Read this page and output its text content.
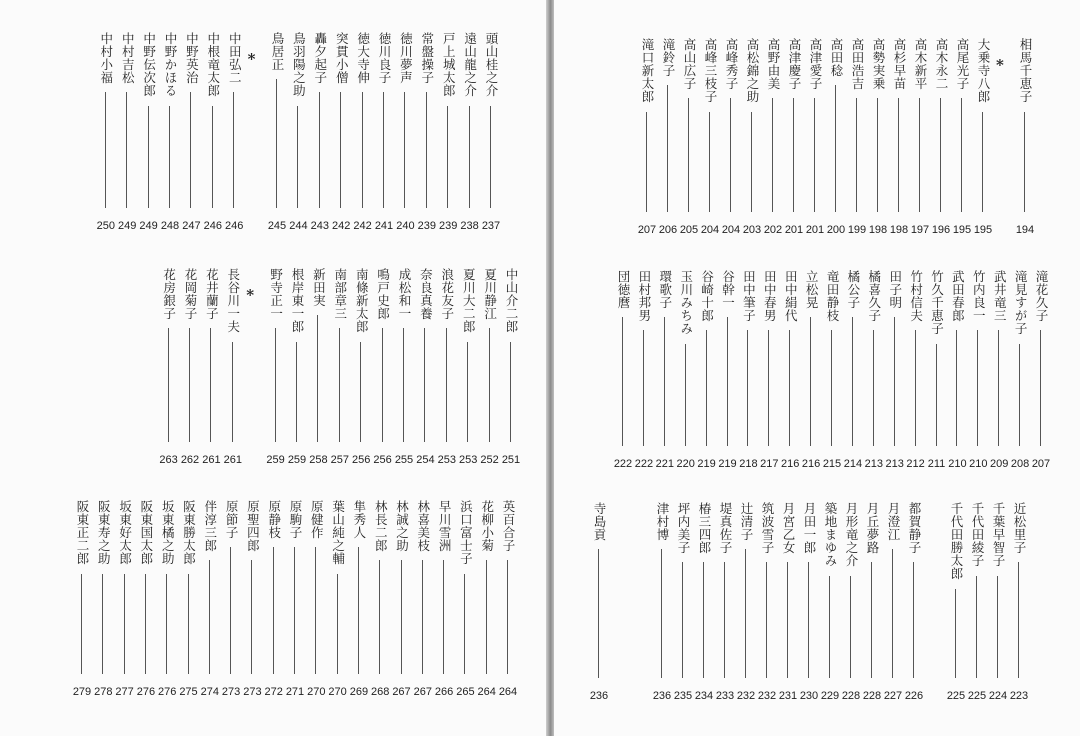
頭山桂之介
237
遠山龍之介
238
戸上城太郎
239
常盤操子
239
徳川夢声
240
徳川良子
241
徳大寺伸
242
突貫小僧
242
轟夕起子
243
鳥羽陽之助
244
鳥居正
245
*
中田弘二
246
中根竜太郎
246
中野英治
247
中野かほる
248
中野伝次郎
249
中村吉松
249
中村小福
250
中山介二郎
251
夏川静江
252
夏川大二郎
253
浪花友子
253
奈良真養
254
成松和一
255
鳴戸史郎
256
南條新太郎
256
南部章三
257
新田実
258
根岸東一郎
259
野寺正一
259
*
長谷川一夫
261
花井蘭子
261
花岡菊子
262
花房銀子
263
英百合子
264
花柳小菊
264
浜口富士子
265
早川雪洲
266
林喜美枝
267
林誠之助
267
林長二郎
268
隼秀人
269
葉山純之輔
270
原健作
270
原駒子
271
原静枝
272
原聖四郎
273
原節子
273
伴淳三郎
274
阪東勝太郎
275
坂東橘之助
276
阪東国太郎
276
坂東好太郎
277
阪東寿之助
278
阪東正二郎
279
相馬千恵子
194
*
大乗寺八郎
195
高尾光子
195
高木永二
196
高木新平
197
高杉早苗
198
高勢実乗
198
高田浩吉
199
高田稔
200
高津愛子
201
高津慶子
201
高野由美
202
高松錦之助
203
高峰秀子
204
高峰三枝子
204
高山広子
205
滝鈴子
206
滝口新太郎
207
滝花久子
207
滝見すが子
208
武井竜三
209
竹内良一
210
武田春郎
210
竹久千恵子
211
竹村信夫
212
田子明
213
橘喜久子
213
橘公子
214
竜田静枝
215
立松晃
216
田中絹代
216
田中春男
217
田中筆子
218
谷幹一
219
谷崎十郎
219
玉川みちみ
220
環歌子
221
田村邦男
222
団徳麿
222
近松里子
223
千葉早智子
224
千代田綾子
225
千代田勝太郎
225
都賀静子
226
月澄江
227
月丘夢路
228
月形竜之介
228
築地まゆみ
229
月田一郎
230
月宮乙女
231
筑波雪子
232
辻清子
232
堤真佐子
233
椿三四郎
234
坪内美子
235
津村博
236
寺島貢
236
